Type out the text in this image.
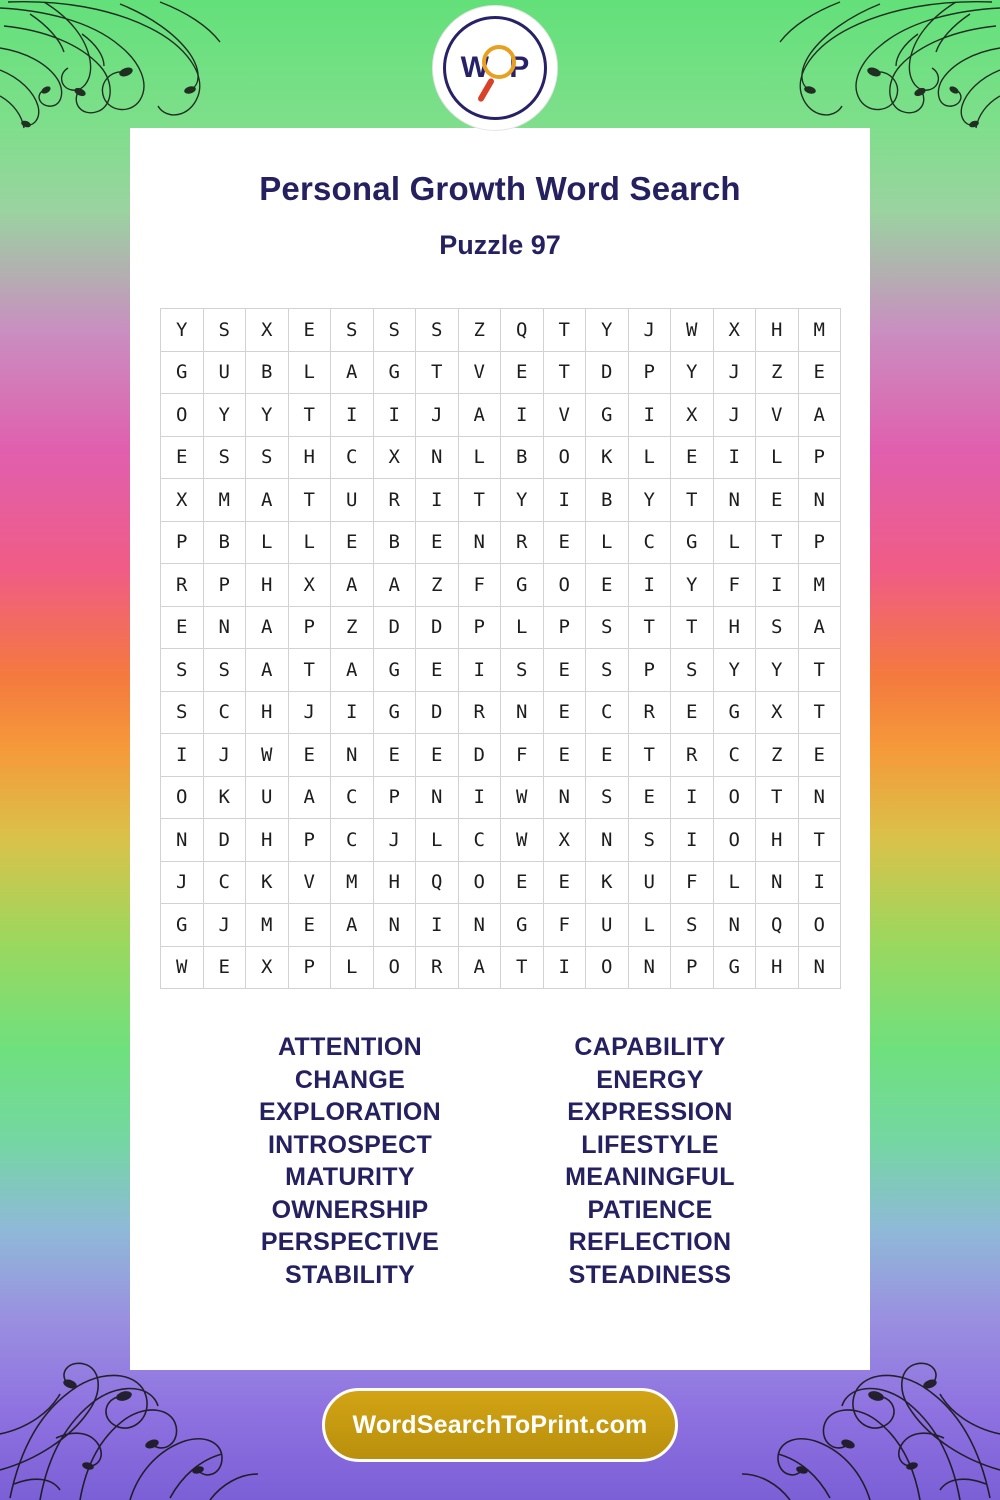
Personal Growth Word Search
Puzzle 97
Y	S	X	E	S	S	S	Z	Q	T	Y	J	W	X	H	M
G	U	B	L	A	G	T	V	E	T	D	P	Y	J	Z	E
O	Y	Y	T	I	I	J	A	I	V	G	I	X	J	V	A
E	S	S	H	C	X	N	L	B	O	K	L	E	I	L	P
X	M	A	T	U	R	I	T	Y	I	B	Y	T	N	E	N
P	B	L	L	E	B	E	N	R	E	L	C	G	L	T	P
R	P	H	X	A	A	Z	F	G	O	E	I	Y	F	I	M
E	N	A	P	Z	D	D	P	L	P	S	T	T	H	S	A
S	S	A	T	A	G	E	I	S	E	S	P	S	Y	Y	T
S	C	H	J	I	G	D	R	N	E	C	R	E	G	X	T
I	J	W	E	N	E	E	D	F	E	E	T	R	C	Z	E
O	K	U	A	C	P	N	I	W	N	S	E	I	O	T	N
N	D	H	P	C	J	L	C	W	X	N	S	I	O	H	T
J	C	K	V	M	H	Q	O	E	E	K	U	F	L	N	I
G	J	M	E	A	N	I	N	G	F	U	L	S	N	Q	O
W	E	X	P	L	O	R	A	T	I	O	N	P	G	H	N
ATTENTION
CHANGE
EXPLORATION
INTROSPECT
MATURITY
OWNERSHIP
PERSPECTIVE
STABILITY
CAPABILITY
ENERGY
EXPRESSION
LIFESTYLE
MEANINGFUL
PATIENCE
REFLECTION
STEADINESS
W P
WordSearchToPrint.com
